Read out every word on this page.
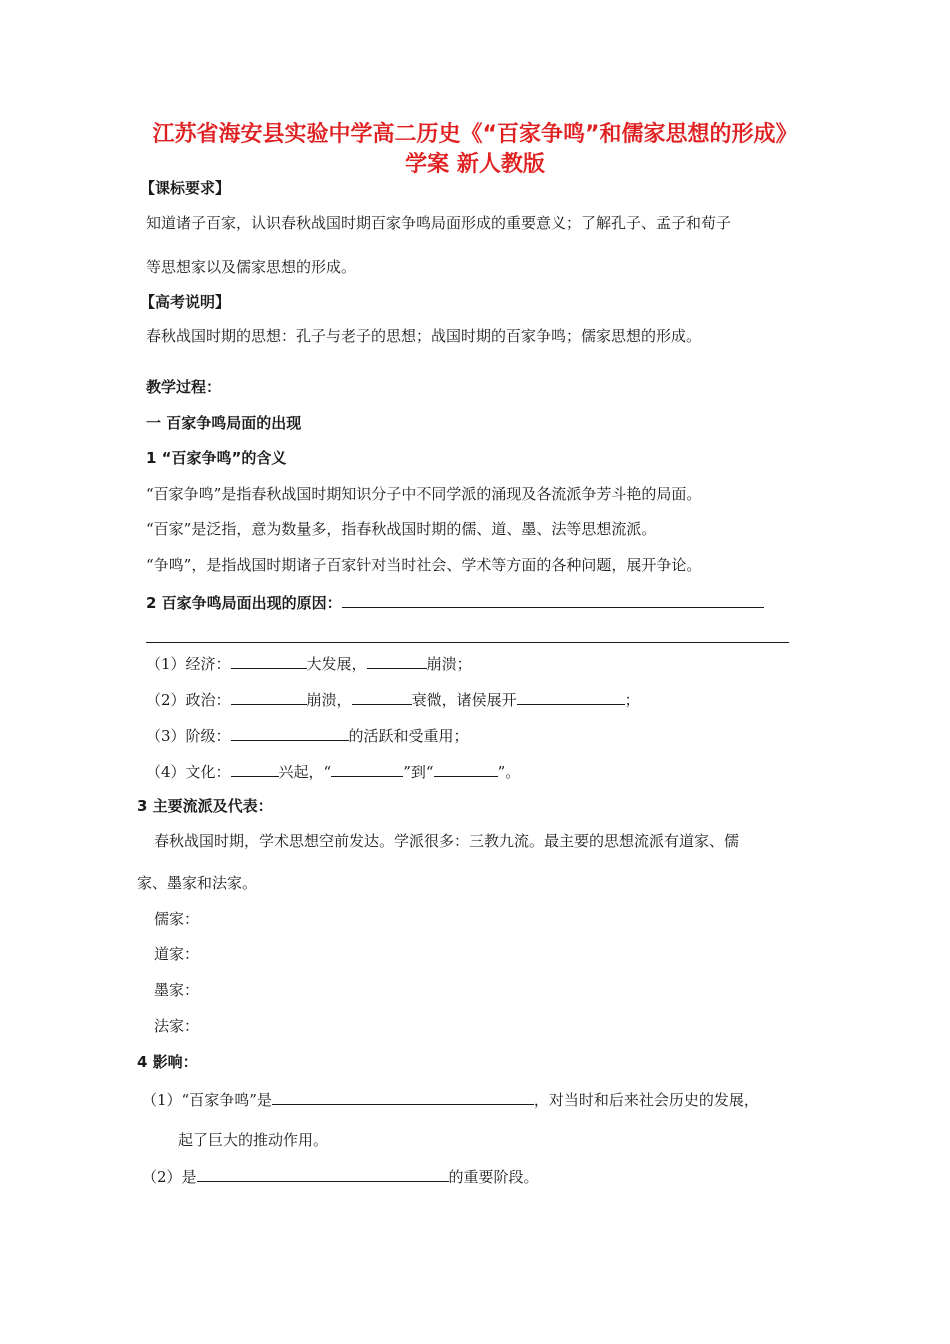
江苏省海安县实验中学高二历史《“百家争鸣”和儒家思想的形成》
学案 新人教版
【课标要求】
知道诸子百家，认识春秋战国时期百家争鸣局面形成的重要意义；了解孔子、孟子和荀子
等思想家以及儒家思想的形成。
【高考说明】
春秋战国时期的思想：孔子与老子的思想；战国时期的百家争鸣；儒家思想的形成。
教学过程：
一 百家争鸣局面的出现
1 “百家争鸣”的含义
“百家争鸣”是指春秋战国时期知识分子中不同学派的涌现及各流派争芳斗艳的局面。
“百家”是泛指，意为数量多，指春秋战国时期的儒、道、墨、法等思想流派。
“争鸣”，是指战国时期诸子百家针对当时社会、学术等方面的各种问题，展开争论。
2 百家争鸣局面出现的原因：
（1）经济：	大发展，	崩溃；
（2）政治：	崩溃，	衰微，诸侯展开	；
（3）阶级：	的活跃和受重用；
（4）文化：	兴起，“	”到“	”。
3 主要流派及代表：
春秋战国时期，学术思想空前发达。学派很多：三教九流。最主要的思想流派有道家、儒
家、墨家和法家。
儒家：
道家：
墨家：
法家：
4 影响：
（1）“百家争鸣”是	，对当时和后来社会历史的发展，
起了巨大的推动作用。
（2）是	的重要阶段。
